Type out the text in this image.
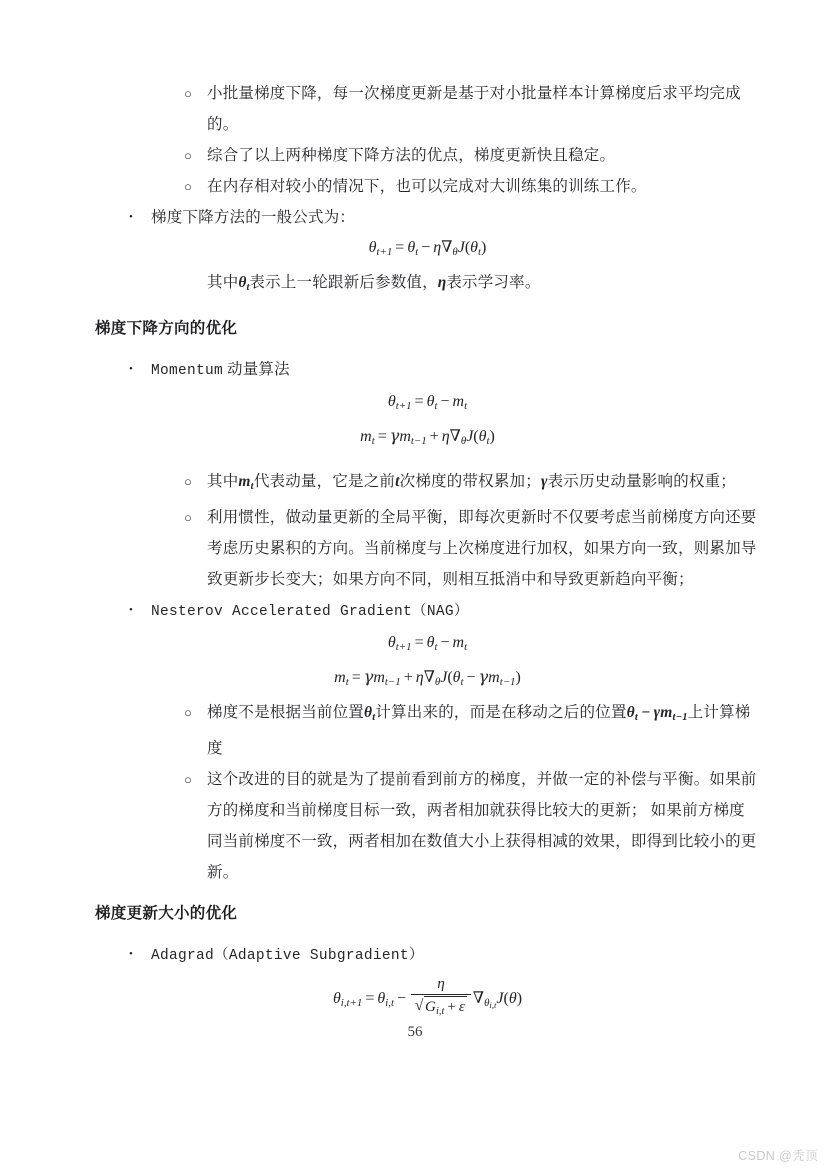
○ 小批量梯度下降，每一次梯度更新是基于对小批量样本计算梯度后求平均完成的。
○ 综合了以上两种梯度下降方法的优点，梯度更新快且稳定。
○ 在内存相对较小的情况下，也可以完成对大训练集的训练工作。
•	梯度下降方法的一般公式为：
$\theta_{t+1} = \theta_t - \eta\nabla_\theta J(\theta_t)$
其中$\theta_t$表示上一轮跟新后参数值，η表示学习率。
梯度下降方向的优化
•	Momentum 动量算法
$\theta_{t+1} = \theta_t - m_t$
$m_t = \gamma m_{t-1} + \eta\nabla_\theta J(\theta_t)$
○ 其中$m_t$代表动量，它是之前t次梯度的带权累加；γ表示历史动量影响的权重；
○ 利用惯性，做动量更新的全局平衡，即每次更新时不仅要考虑当前梯度方向还要考虑历史累积的方向。当前梯度与上次梯度进行加权，如果方向一致，则累加导致更新步长变大；如果方向不同，则相互抵消中和导致更新趋向平衡；
•	Nesterov Accelerated Gradient（NAG）
$\theta_{t+1} = \theta_t - m_t$
$m_t = \gamma m_{t-1} + \eta\nabla_\theta J(\theta_t - \gamma m_{t-1})$
○ 梯度不是根据当前位置$\theta_t$计算出来的，而是在移动之后的位置$\theta_t - \gamma m_{t-1}$上计算梯度
○ 这个改进的目的就是为了提前看到前方的梯度，并做一定的补偿与平衡。如果前方的梯度和当前梯度目标一致，两者相加就获得比较大的更新； 如果前方梯度同当前梯度不一致，两者相加在数值大小上获得相减的效果，即得到比较小的更新。
梯度更新大小的优化
•	Adagrad（Adaptive Subgradient）
$\theta_{i,t+1} = \theta_{i,t} - \eta$
√ $G_{i,t} + \varepsilon$ $\nabla_{\theta_{i,t}}J(\theta)$
56
CSDN @秃顶
